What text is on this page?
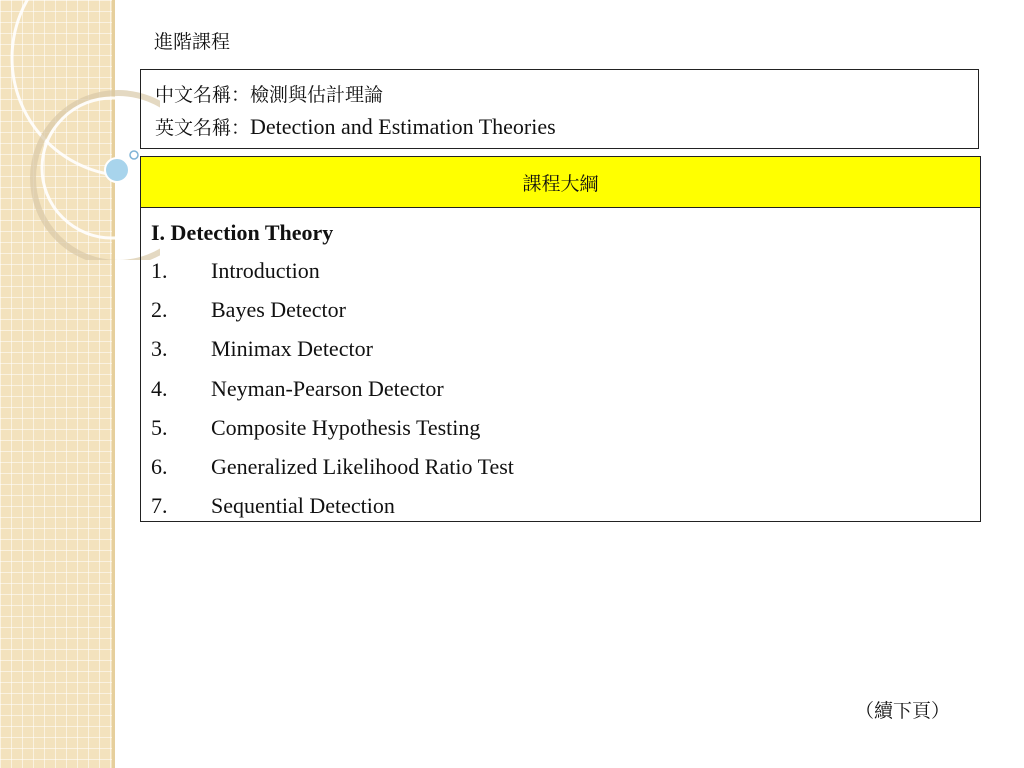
進階課程
中文名稱：檢測與估計理論
英文名稱：Detection and Estimation Theories
課程大綱
I. Detection Theory
1.	Introduction
2.	Bayes Detector
3.	Minimax Detector
4.	Neyman-Pearson Detector
5.	Composite Hypothesis Testing
6.	Generalized Likelihood Ratio Test
7.	Sequential Detection
（續下頁）
